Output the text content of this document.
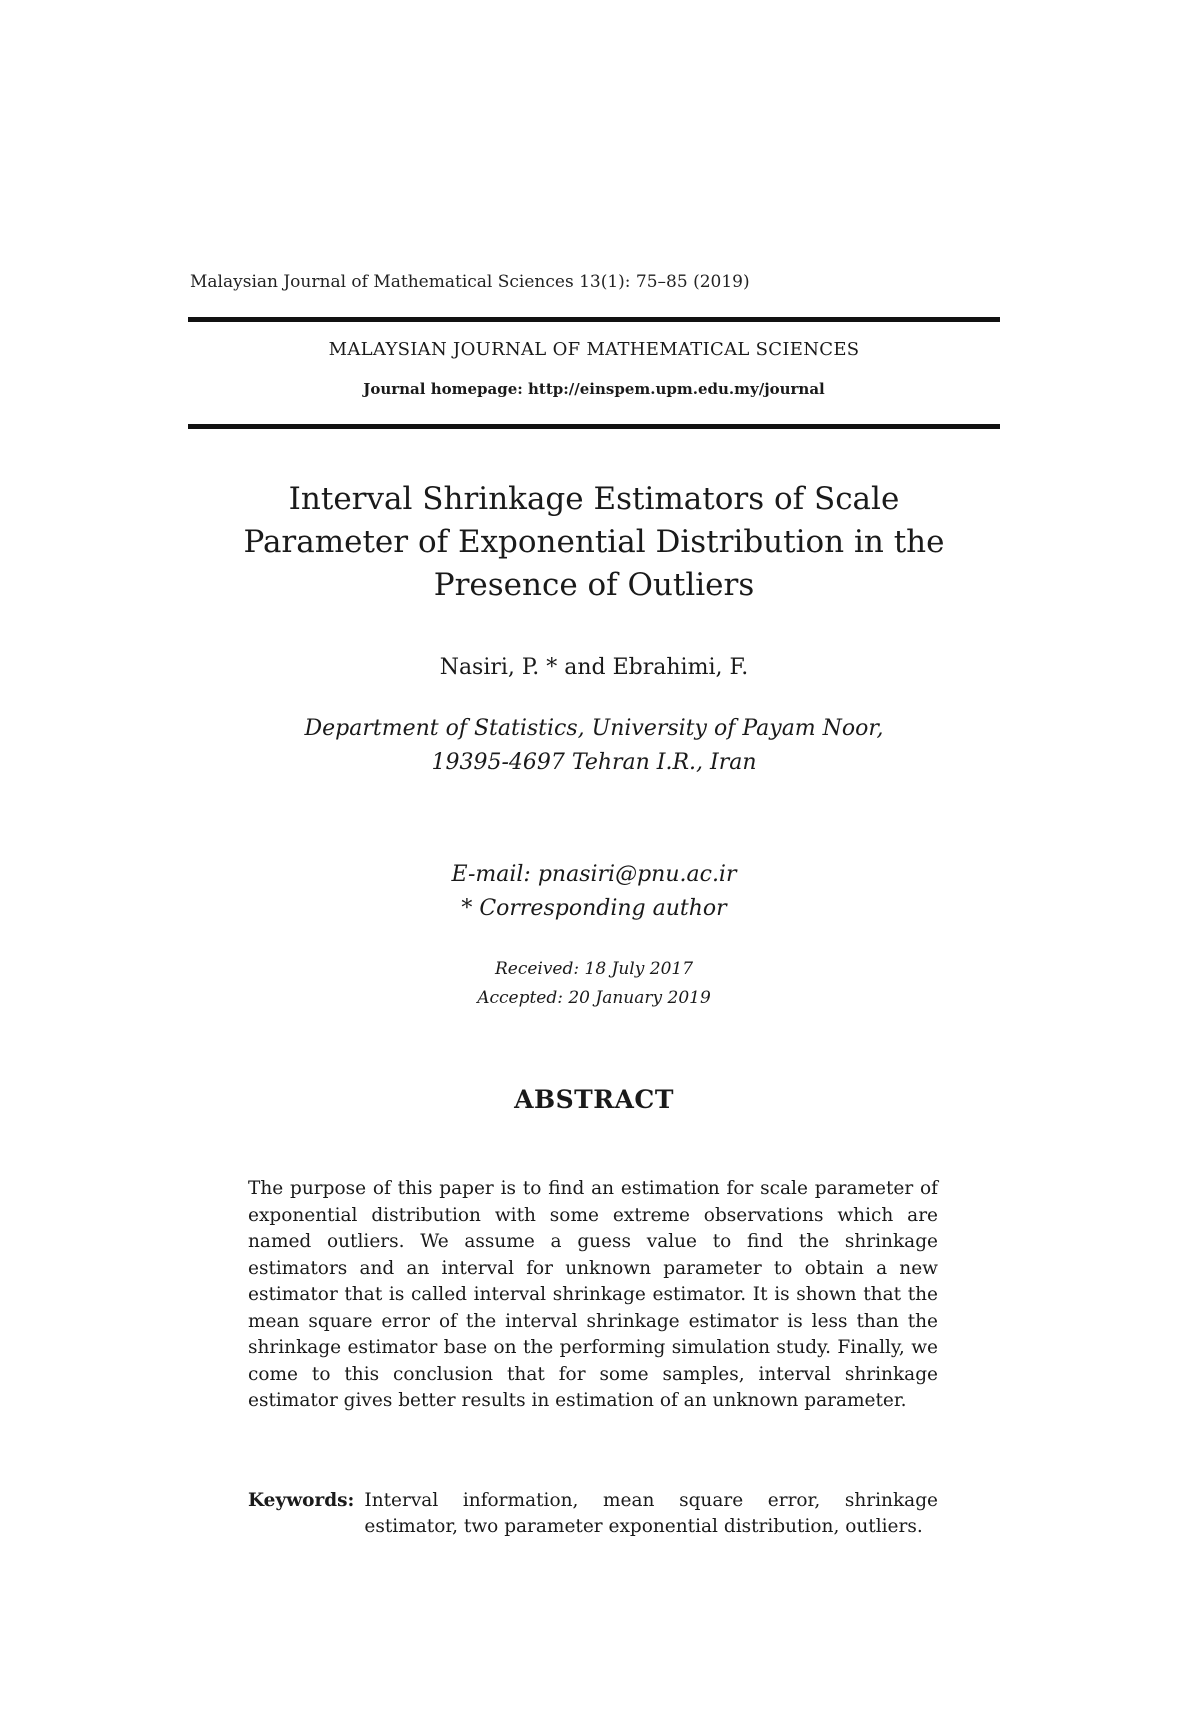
Malaysian Journal of Mathematical Sciences 13(1): 75–85 (2019)
MALAYSIAN JOURNAL OF MATHEMATICAL SCIENCES
Journal homepage: http://einspem.upm.edu.my/journal
Interval Shrinkage Estimators of Scale
Parameter of Exponential Distribution in the
Presence of Outliers
Nasiri, P. * and Ebrahimi, F.
Department of Statistics, University of Payam Noor,
19395-4697 Tehran I.R., Iran
E-mail: pnasiri@pnu.ac.ir
* Corresponding author
Received: 18 July 2017
Accepted: 20 January 2019
ABSTRACT
The purpose of this paper is to find an estimation for scale parameter of exponential distribution with some extreme observations which are named outliers. We assume a guess value to find the shrinkage estimators and an interval for unknown parameter to obtain a new estimator that is called interval shrinkage estimator. It is shown that the mean square error of the interval shrinkage estimator is less than the shrinkage estimator base on the performing simulation study. Finally, we come to this conclusion that for some samples, interval shrinkage estimator gives better results in estimation of an unknown parameter.
Keywords: Interval information, mean square error, shrinkage estimator, two parameter exponential distribution, outliers.
